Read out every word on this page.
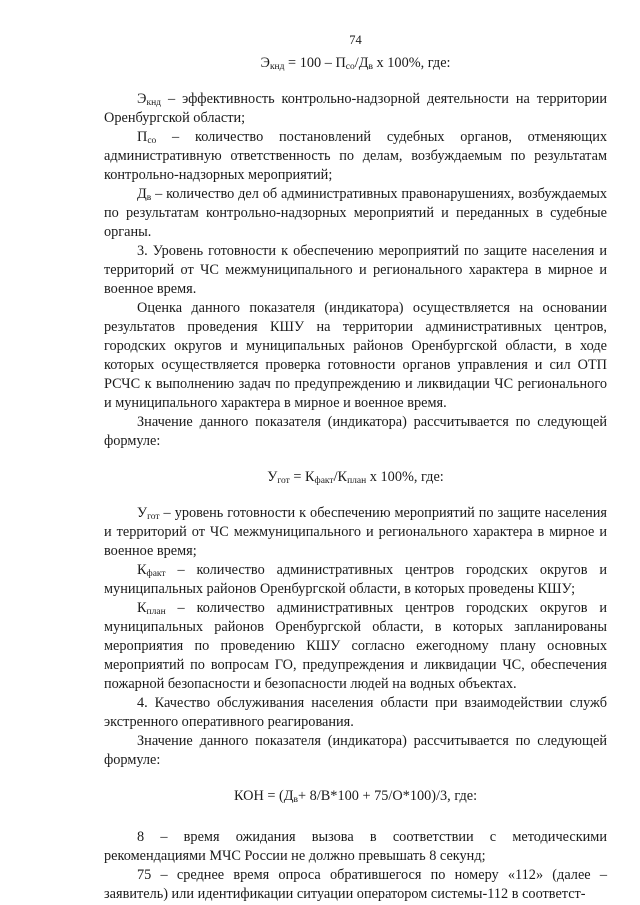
74

$Э_{кнд} = 100 - П_{со}/Д_в$ х 100%, где:

$Э_{кнд}$ – эффективность контрольно-надзорной деятельности на территории Оренбургской области;

$П_{со}$ – количество постановлений судебных органов, отменяющих административную ответственность по делам, возбуждаемым по результатам контрольно-надзорных мероприятий;

$Д_в$ – количество дел об административных правонарушениях, возбуждаемых по результатам контрольно-надзорных мероприятий и переданных в судебные органы.

3. Уровень готовности к обеспечению мероприятий по защите населения и территорий от ЧС межмуниципального и регионального характера в мирное и военное время.

Оценка данного показателя (индикатора) осуществляется на основании результатов проведения КШУ на территории административных центров, городских округов и муниципальных районов Оренбургской области, в ходе которых осуществляется проверка готовности органов управления и сил ОТП РСЧС к выполнению задач по предупреждению и ликвидации ЧС регионального и муниципального характера в мирное и военное время.

Значение данного показателя (индикатора) рассчитывается по следующей формуле:

$У_{гот} = К_{факт}/К_{план}$ х 100%, где:

$У_{гот}$ – уровень готовности к обеспечению мероприятий по защите населения и территорий от ЧС межмуниципального и регионального характера в мирное и военное время;

$К_{факт}$ – количество административных центров городских округов и муниципальных районов Оренбургской области, в которых проведены КШУ;

$К_{план}$ – количество административных центров городских округов и муниципальных районов Оренбургской области, в которых запланированы мероприятия по проведению КШУ согласно ежегодному плану основных мероприятий по вопросам ГО, предупреждения и ликвидации ЧС, обеспечения пожарной безопасности и безопасности людей на водных объектах.

4. Качество обслуживания населения области при взаимодействии служб экстренного оперативного реагирования.

Значение данного показателя (индикатора) рассчитывается по следующей формуле:

КОН = $(Д_в+ 8/В*100 + 75/О*100)/3$, где:

8 – время ожидания вызова в соответствии с методическими рекомендациями МЧС России не должно превышать 8 секунд;

75 – среднее время опроса обратившегося по номеру «112» (далее – заявитель) или идентификации ситуации оператором системы-112 в соответст-
